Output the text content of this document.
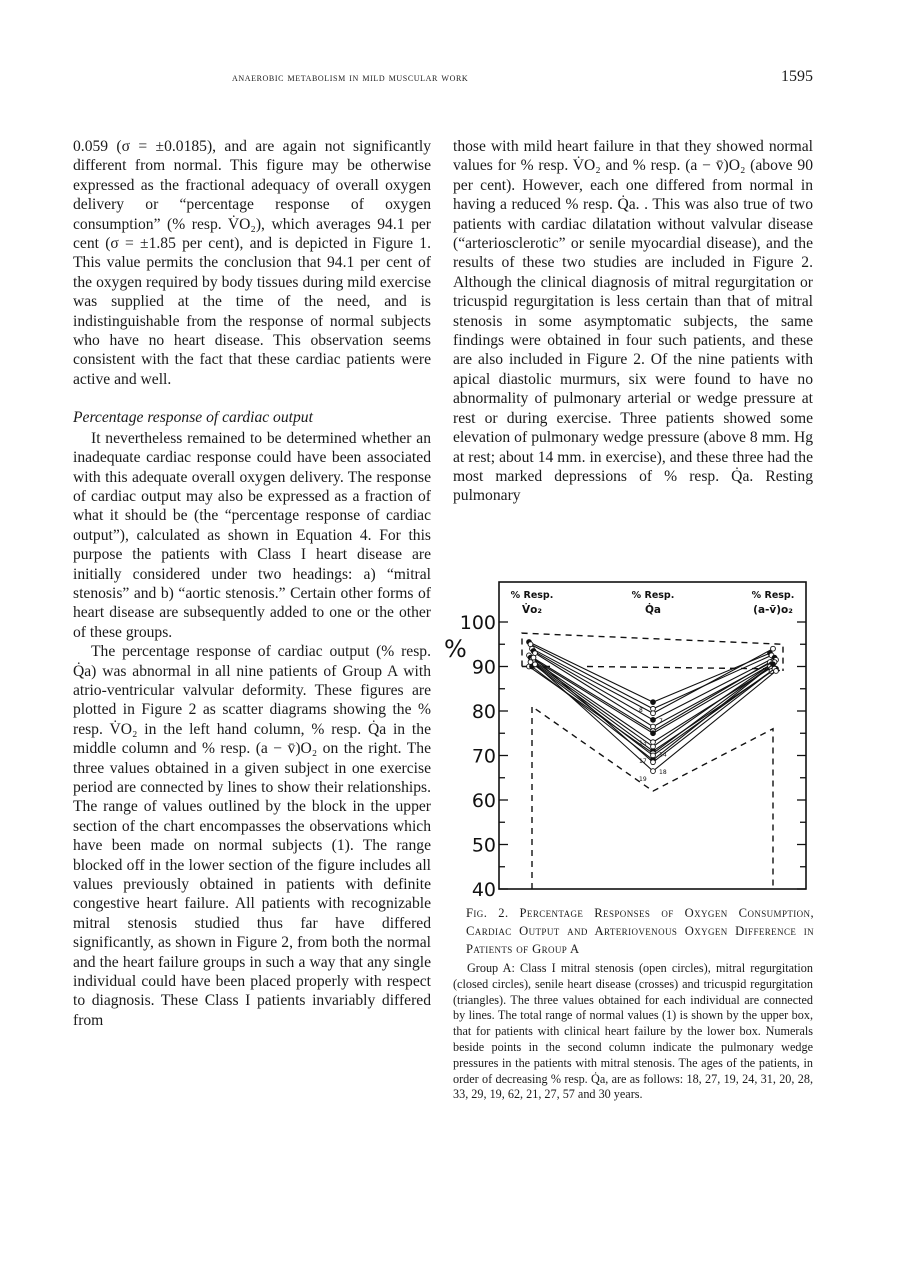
anaerobic metabolism in mild muscular work	1595

0.059 (σ = ±0.0185), and are again not significantly different from normal. This figure may be otherwise expressed as the fractional adequacy of overall oxygen delivery or “percentage response of oxygen consumption” (% resp. V̇O₂), which averages 94.1 per cent (σ = ±1.85 per cent), and is depicted in Figure 1. This value permits the conclusion that 94.1 per cent of the oxygen required by body tissues during mild exercise was supplied at the time of the need, and is indistinguishable from the response of normal subjects who have no heart disease. This observation seems consistent with the fact that these cardiac patients were active and well.

Percentage response of cardiac output

It nevertheless remained to be determined whether an inadequate cardiac response could have been associated with this adequate overall oxygen delivery. The response of cardiac output may also be expressed as a fraction of what it should be (the “percentage response of cardiac output”), calculated as shown in Equation 4. For this purpose the patients with Class I heart disease are initially considered under two headings: a) “mitral stenosis” and b) “aortic stenosis.” Certain other forms of heart disease are subsequently added to one or the other of these groups.

The percentage response of cardiac output (% resp. Q̇a) was abnormal in all nine patients of Group A with atrio-ventricular valvular deformity. These figures are plotted in Figure 2 as scatter diagrams showing the % resp. V̇O₂ in the left hand column, % resp. Q̇a in the middle column and % resp. (a − v̄)O₂ on the right. The three values obtained in a given subject in one exercise period are connected by lines to show their relationships. The range of values outlined by the block in the upper section of the chart encompasses the observations which have been made on normal subjects (1). The range blocked off in the lower section of the figure includes all values previously obtained in patients with definite congestive heart failure. All patients with recognizable mitral stenosis studied thus far have differed significantly, as shown in Figure 2, from both the normal and the heart failure groups in such a way that any single individual could have been placed properly with respect to diagnosis. These Class I patients invariably differed from

those with mild heart failure in that they showed normal values for % resp. V̇O₂ and % resp. (a − v̄)O₂ (above 90 per cent). However, each one differed from normal in having a reduced % resp. Q̇a. . This was also true of two patients with cardiac dilatation without valvular disease (“arteriosclerotic” or senile myocardial disease), and the results of these two studies are included in Figure 2. Although the clinical diagnosis of mitral regurgitation or tricuspid regurgitation is less certain than that of mitral stenosis in some asymptomatic subjects, the same findings were obtained in four such patients, and these are also included in Figure 2. Of the nine patients with apical diastolic murmurs, six were found to have no abnormality of pulmonary arterial or wedge pressure at rest or during exercise. Three patients showed some elevation of pulmonary wedge pressure (above 8 mm. Hg at rest; about 14 mm. in exercise), and these three had the most marked depressions of % resp. Q̇a. Resting pulmonary

40
50
60
70
80
90
100
%
% Resp.
V̇o₂
% Resp.
Q̇a
% Resp.
(a-v̄)o₂
8
7
13
14
17
18
19
Fig. 2. Percentage Responses of Oxygen Consumption, Cardiac Output and Arteriovenous Oxygen Difference in Patients of Group A

Group A: Class I mitral stenosis (open circles), mitral regurgitation (closed circles), senile heart disease (crosses) and tricuspid regurgitation (triangles). The three values obtained for each individual are connected by lines. The total range of normal values (1) is shown by the upper box, that for patients with clinical heart failure by the lower box. Numerals beside points in the second column indicate the pulmonary wedge pressures in the patients with mitral stenosis. The ages of the patients, in order of decreasing % resp. Q̇a, are as follows: 18, 27, 19, 24, 31, 20, 28, 33, 29, 19, 62, 21, 27, 57 and 30 years.
